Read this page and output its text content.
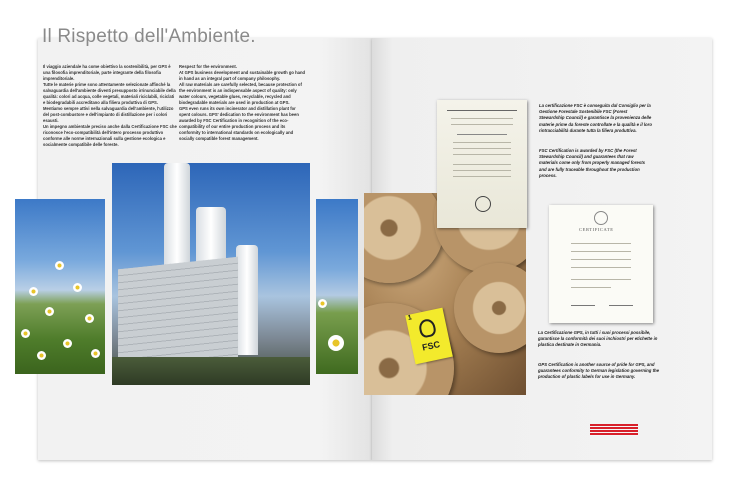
Il Rispetto dell'Ambiente.
Il viaggio aziendale ha come obiettivo la sostenibilità, per GPS è una filosofia imprenditoriale, parte integrante della filosofia imprenditoriale.
Tutte le materie prime sono attentamente selezionate affinché la salvaguardia dell'ambiente diventi presupposto irrinunciabile della qualità: colori ad acqua, colle vegetali, materiali riciclabili, riciclati e biodegradabili accreditano alla filiera produttiva di GPS.
Mentiamo sempre attivi nella salvaguardia dell'ambiente, l'utilizzo del post-combustore e dell'impianto di distillazione per i colori esausti.
Un impegno ambientale preciso anche dalla Certificazione FSC che riconosce l'eco-compatibilità dell'intero processo produttivo conforme alle norme internazionali sulla gestione ecologica e socialmente compatibile delle foreste.
Respect for the environment.
At GPS business development and sustainable growth go hand in hand as an integral part of company philosophy.
All raw materials are carefully selected, because protection of the environment is an indispensable aspect of quality: only water colours, vegetable glues, recyclable, recycled and biodegradable materials are used in production at GPS.
GPS even runs its own incinerator and distillation plant for spent colours. GPS' dedication to the environment has been awarded by FSC Certification in recognition of the eco-compatibility of our entire production process and its conformity to international standards on ecologically and socially compatible forest management.
1
FSC
CERTIFICATE
La certificazione FSC è conseguita dal Consiglio per la Gestione Forestale Sostenibile FSC (Forest Stewardship Council) e garantisce la provenienza delle materie prime da foreste controllate e la qualità e il loro rintracciabilità durante tutta la filiera produttiva.
FSC Certification is awarded by FSC (the Forest Stewardship Council) and guarantees that raw materials come only from properly managed forests and are fully traceable throughout the production process.
La Certificazione GPS, in tutti i suoi processi possibile, garantisce la conformità dei suoi inchiostri per etichette in plastica destinate in Germania.
GPS Certification is another source of pride for GPS, and guarantees conformity to German legislation governing the production of plastic labels for use in Germany.
